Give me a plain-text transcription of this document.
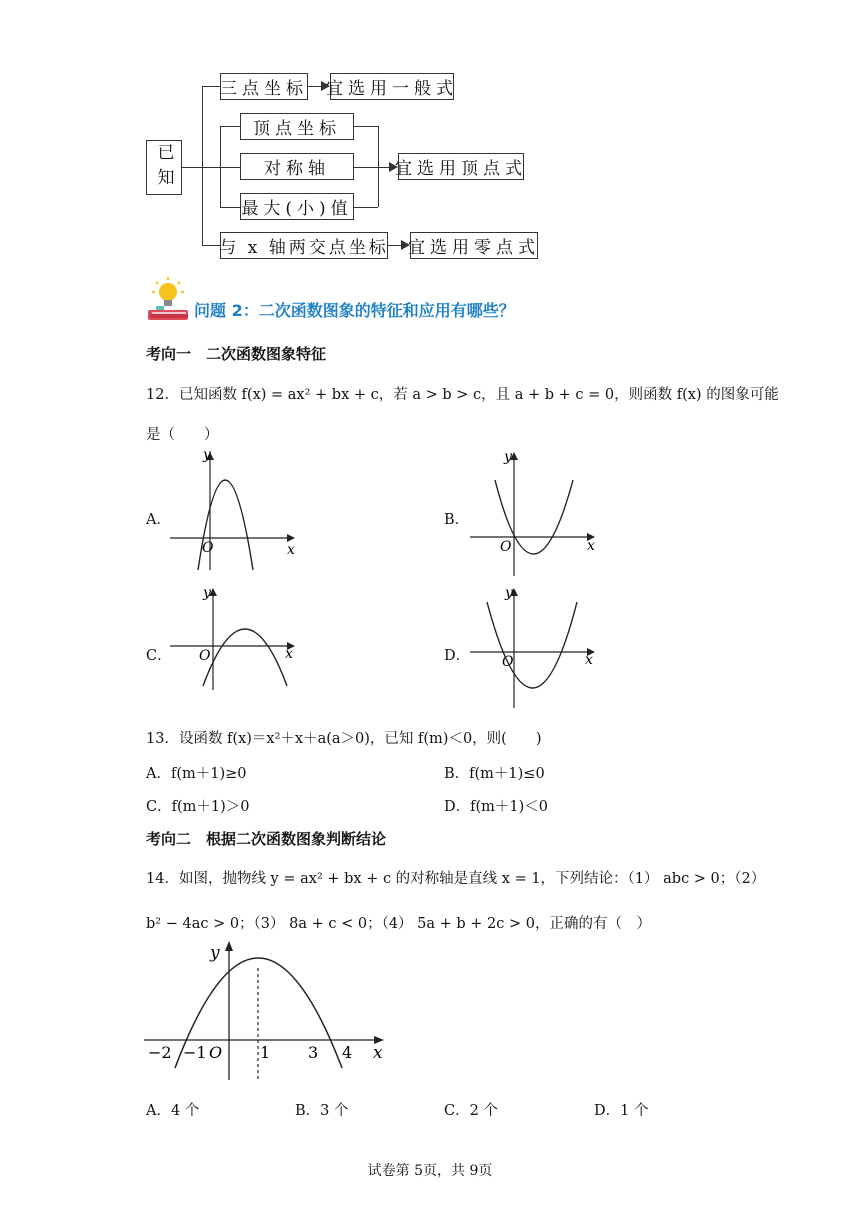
已知
三点坐标 宜选用一般式
顶点坐标
对称轴
最大(小)值
宜选用顶点式
与 x 轴两交点坐标 宜选用零点式
问题 2：二次函数图象的特征和应用有哪些？
考向一　二次函数图象特征
12．已知函数 f(x) = ax² + bx + c，若 a > b > c，且 a + b + c = 0，则函数 f(x) 的图象可能
是（　　）
A．
y
x
O
B．
y
x
O
C．
y
x
O	D．
y
x
O
13．设函数 f(x)＝x²＋x＋a(a＞0)，已知 f(m)＜0，则(　　)
A．f(m＋1)≥0	B．f(m＋1)≤0
C．f(m＋1)＞0	D．f(m＋1)＜0
考向二　根据二次函数图象判断结论
14．如图，抛物线 y = ax² + bx + c 的对称轴是直线 x = 1，下列结论：（1） abc > 0；（2）
b² − 4ac > 0；（3） 8a + c < 0；（4） 5a + b + 2c > 0，正确的有（　）
y
x
−2 −1 O 1 3 4
A．4 个	B．3 个	C．2 个	D．1 个
试卷第 5页，共 9页
